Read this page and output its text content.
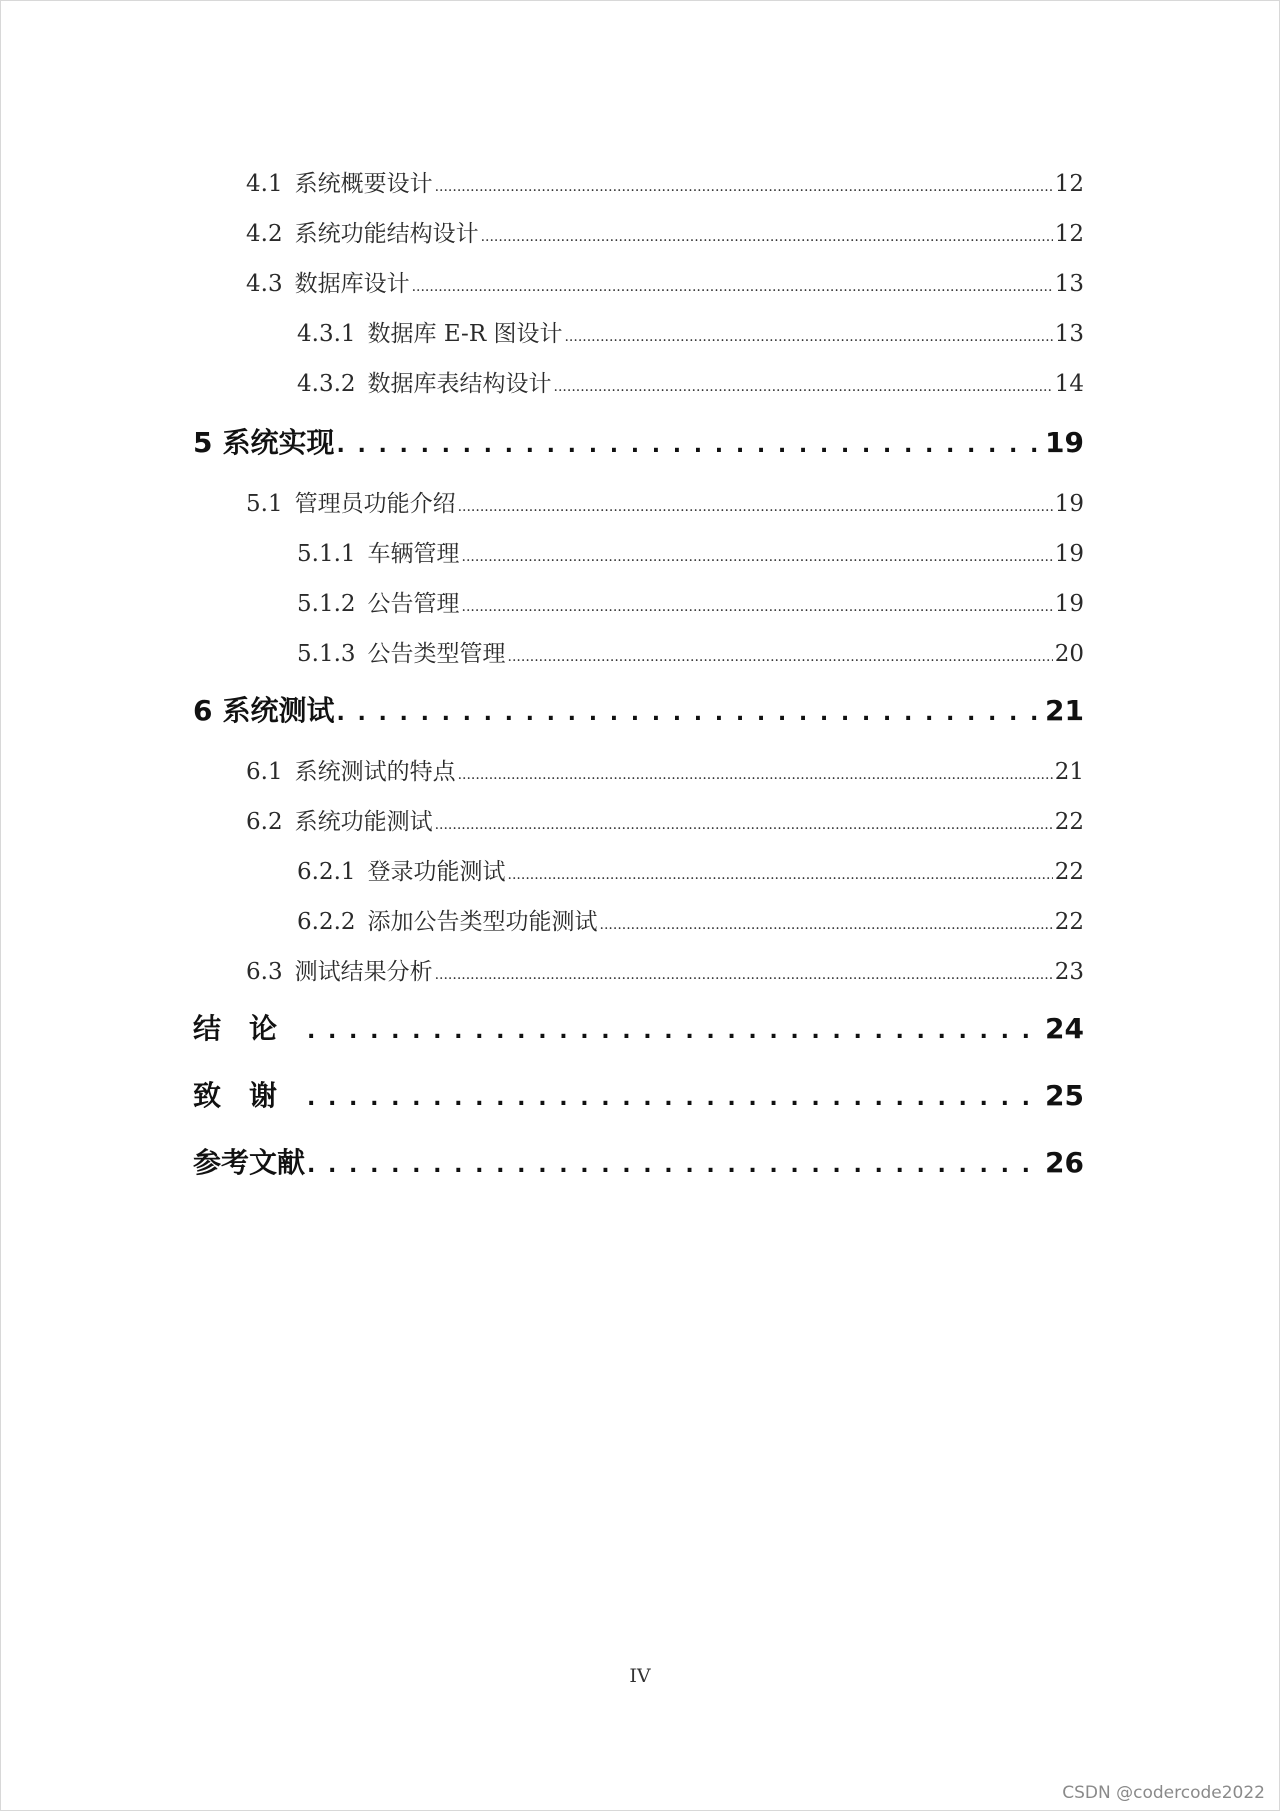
4.1 系统概要设计 .....	12
4.2 系统功能结构设计 .....	12
4.3 数据库设计 .....	13
4.3.1 数据库 E-R 图设计 .....	13
4.3.2 数据库表结构设计 .....	14
5 系统实现 . . .	19
5.1 管理员功能介绍 .....	19
5.1.1 车辆管理 .....	19
5.1.2 公告管理 .....	19
5.1.3 公告类型管理 .....	20
6 系统测试 . . .	21
6.1 系统测试的特点 .....	21
6.2 系统功能测试 .....	22
6.2.1 登录功能测试 .....	22
6.2.2 添加公告类型功能测试 .....	22
6.3 测试结果分析 .....	23
结论 . . .	24
致谢 . . .	25
参考文献 . . .	26
IV
CSDN @codercode2022
